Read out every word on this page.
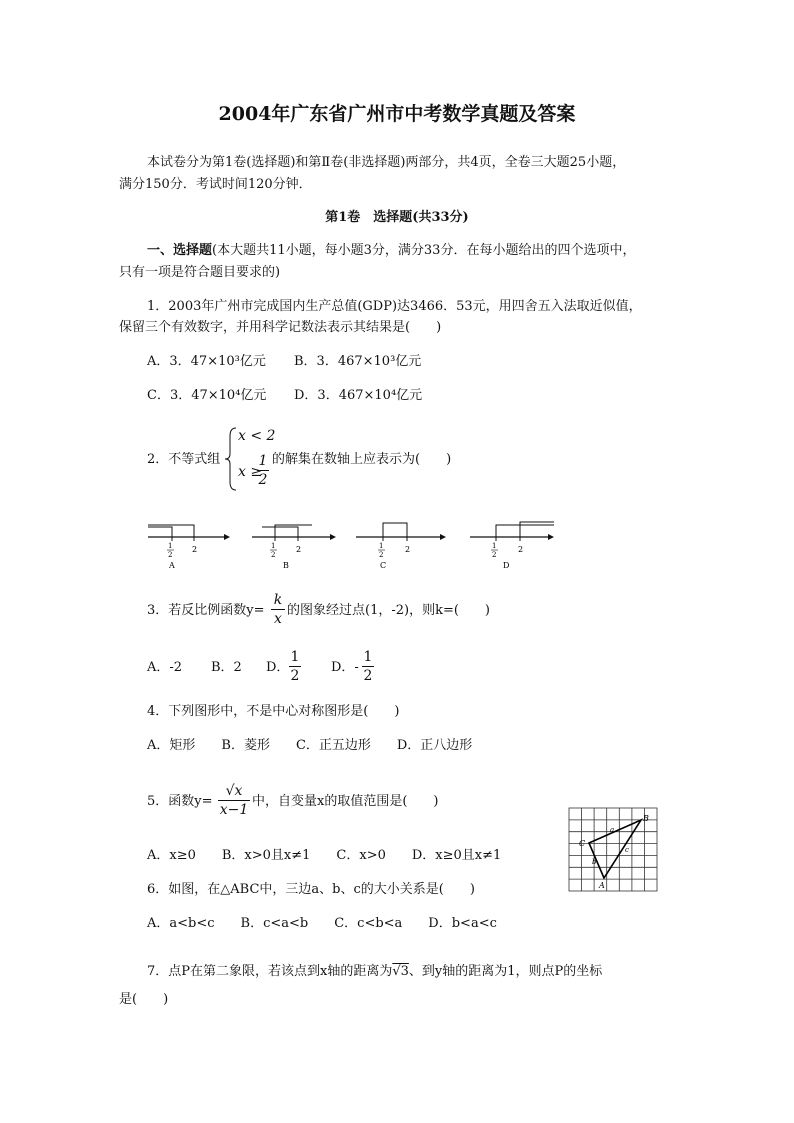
2004年广东省广州市中考数学真题及答案
本试卷分为第1卷(选择题)和第Ⅱ卷(非选择题)两部分，共4页，全卷三大题25小题，
满分150分．考试时间120分钟．
第1卷　选择题(共33分)
一、选择题(本大题共11小题，每小题3分，满分33分．在每小题给出的四个选项中，
只有一项是符合题目要求的)
1．2003年广州市完成国内生产总值(GDP)达3466．53元，用四舍五入法取近似值，
保留三个有效数字，并用科学记数法表示其结果是(　　)
A．3．47×10³亿元 B．3．467×10³亿元
C．3．47×10⁴亿元 D．3．467×10⁴亿元
2．不等式组
x < 2
x ≥
1
2
的解集在数轴上应表示为(　　)
1
2
2
A
1
2
2
B
1
2
2
C
1
2
2
D
3．若反比例函数y=
k
x
的图象经过点(1，-2)，则k=(　　)
A．-2 B．2 D．
1
2
D．-
1
2
4．下列图形中，不是中心对称图形是(　　)
A．矩形　　B．菱形　　C．正五边形　　D．正八边形
5．函数y=
√x
x−1
中，自变量x的取值范围是(　　)
A．x≥0　　B．x>0且x≠1　　C．x>0　　D．x≥0且x≠1
6．如图，在△ABC中，三边a、b、c的大小关系是(　　)
A．a<b<c　　B．c<a<b　　C．c<b<a　　D．b<a<c
C
B
A
a
b
c
7．点P在第二象限，若该点到x轴的距离为√3、到y轴的距离为1，则点P的坐标
是(　　)
